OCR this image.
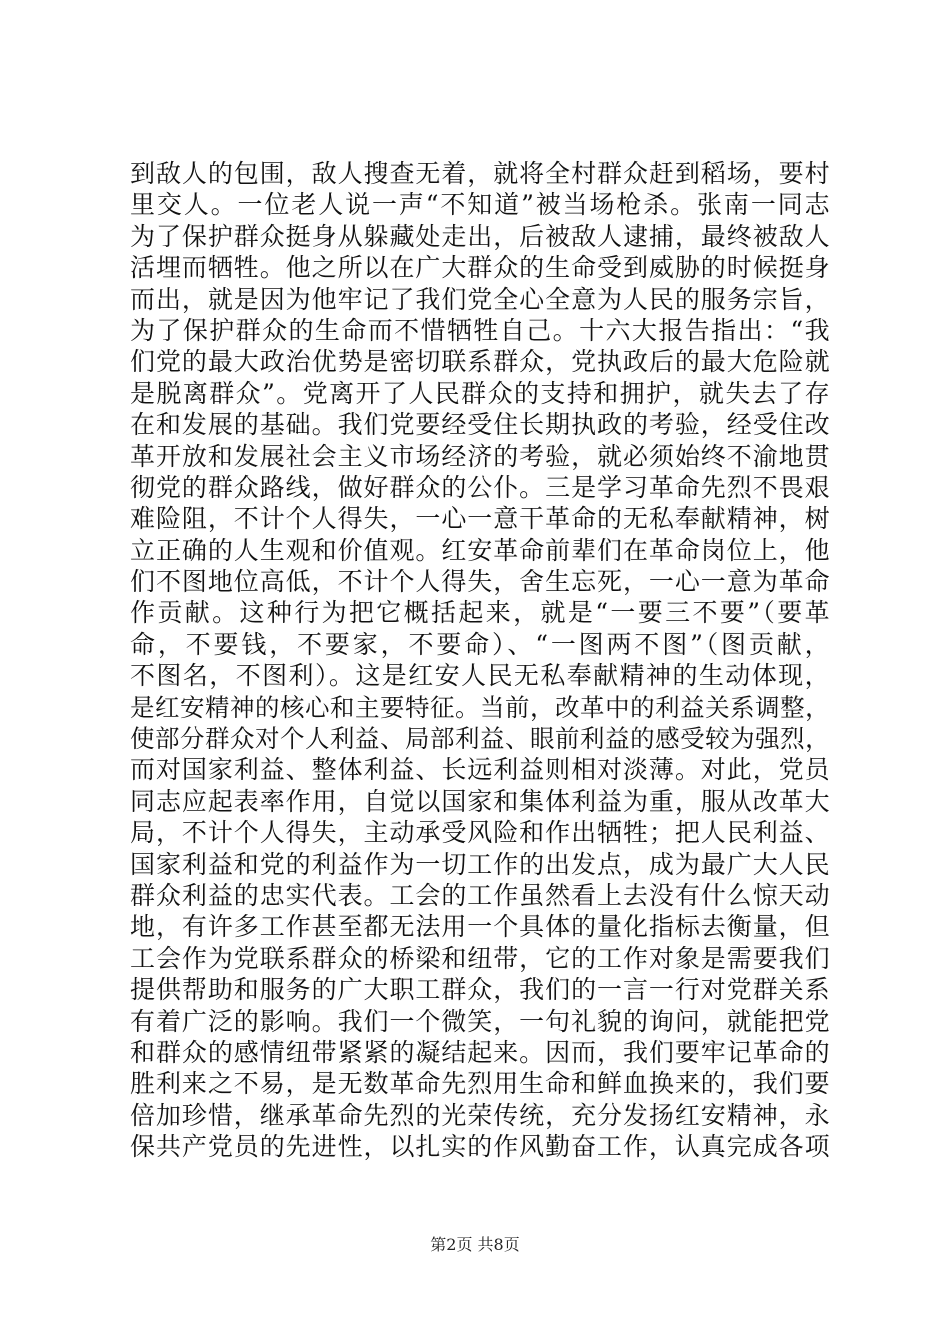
到敌人的包围，敌人搜查无着，就将全村群众赶到稻场，要村
里交人。一位老人说一声“不知道”被当场枪杀。张南一同志
为了保护群众挺身从躲藏处走出，后被敌人逮捕，最终被敌人
活埋而牺牲。他之所以在广大群众的生命受到威胁的时候挺身
而出，就是因为他牢记了我们党全心全意为人民的服务宗旨，
为了保护群众的生命而不惜牺牲自己。十六大报告指出：“我
们党的最大政治优势是密切联系群众，党执政后的最大危险就
是脱离群众”。党离开了人民群众的支持和拥护，就失去了存
在和发展的基础。我们党要经受住长期执政的考验，经受住改
革开放和发展社会主义市场经济的考验，就必须始终不渝地贯
彻党的群众路线，做好群众的公仆。三是学习革命先烈不畏艰
难险阻，不计个人得失，一心一意干革命的无私奉献精神，树
立正确的人生观和价值观。红安革命前辈们在革命岗位上，他
们不图地位高低，不计个人得失，舍生忘死，一心一意为革命
作贡献。这种行为把它概括起来，就是“一要三不要”（要革
命，不要钱，不要家，不要命）、“一图两不图”（图贡献，
不图名，不图利）。这是红安人民无私奉献精神的生动体现，
是红安精神的核心和主要特征。当前，改革中的利益关系调整，
使部分群众对个人利益、局部利益、眼前利益的感受较为强烈，
而对国家利益、整体利益、长远利益则相对淡薄。对此，党员
同志应起表率作用，自觉以国家和集体利益为重，服从改革大
局，不计个人得失，主动承受风险和作出牺牲；把人民利益、
国家利益和党的利益作为一切工作的出发点，成为最广大人民
群众利益的忠实代表。工会的工作虽然看上去没有什么惊天动
地，有许多工作甚至都无法用一个具体的量化指标去衡量，但
工会作为党联系群众的桥梁和纽带，它的工作对象是需要我们
提供帮助和服务的广大职工群众，我们的一言一行对党群关系
有着广泛的影响。我们一个微笑，一句礼貌的询问，就能把党
和群众的感情纽带紧紧的凝结起来。因而，我们要牢记革命的
胜利来之不易，是无数革命先烈用生命和鲜血换来的，我们要
倍加珍惜，继承革命先烈的光荣传统，充分发扬红安精神，永
保共产党员的先进性，以扎实的作风勤奋工作，认真完成各项
第2页 共8页
